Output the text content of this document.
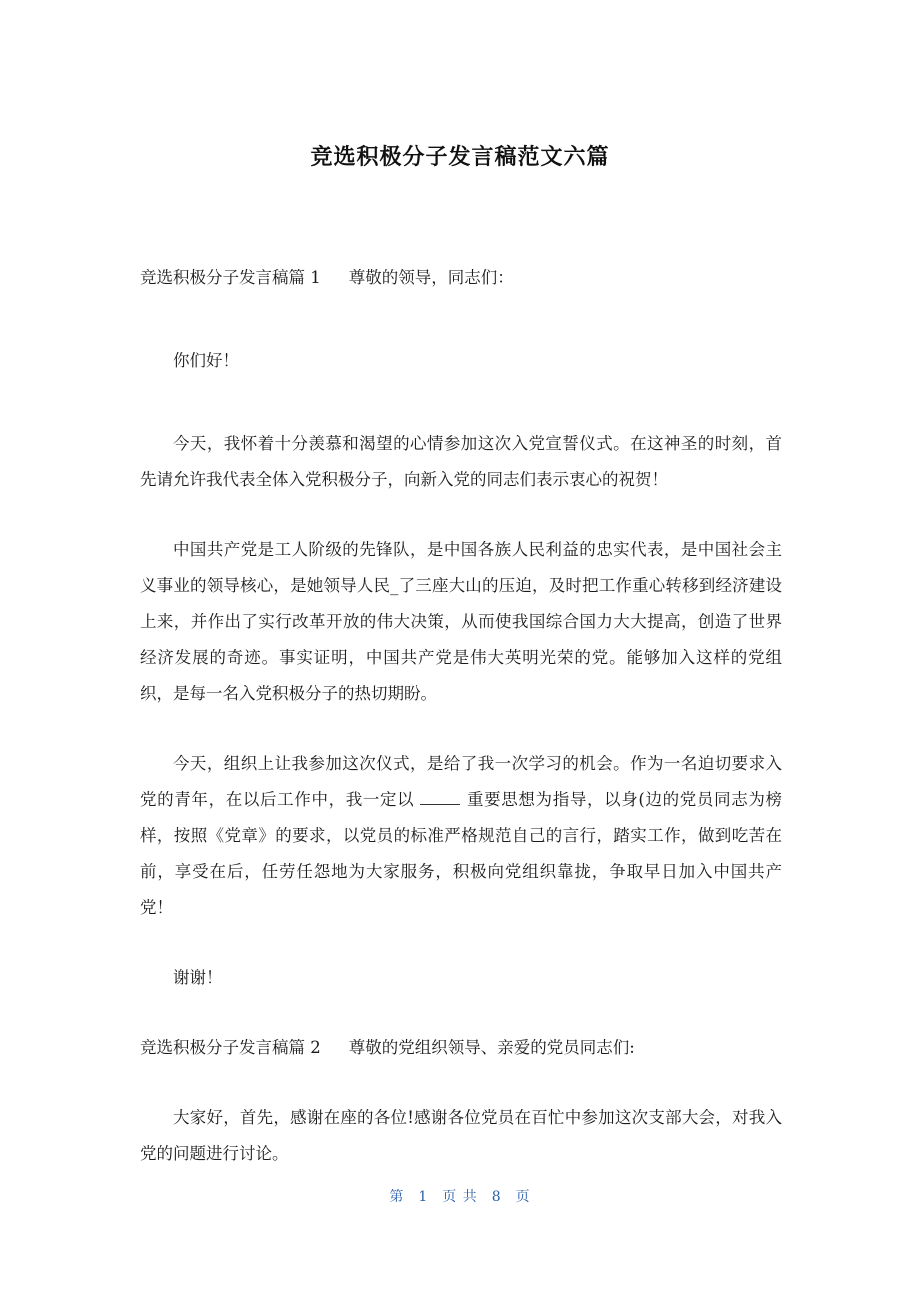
竞选积极分子发言稿范文六篇

竞选积极分子发言稿篇 1 尊敬的领导，同志们：

你们好！

今天，我怀着十分羡慕和渴望的心情参加这次入党宣誓仪式。在这神圣的时刻，首先请允许我代表全体入党积极分子，向新入党的同志们表示衷心的祝贺！

中国共产党是工人阶级的先锋队，是中国各族人民利益的忠实代表，是中国社会主义事业的领导核心，是她领导人民_了三座大山的压迫，及时把工作重心转移到经济建设上来，并作出了实行改革开放的伟大决策，从而使我国综合国力大大提高，创造了世界经济发展的奇迹。事实证明，中国共产党是伟大英明光荣的党。能够加入这样的党组织，是每一名入党积极分子的热切期盼。

今天，组织上让我参加这次仪式，是给了我一次学习的机会。作为一名迫切要求入党的青年，在以后工作中，我一定以	重要思想为指导，以身(边的党员同志为榜样，按照《党章》的要求，以党员的标准严格规范自己的言行，踏实工作，做到吃苦在前，享受在后，任劳任怨地为大家服务，积极向党组织靠拢，争取早日加入中国共产党！

谢谢！

竞选积极分子发言稿篇 2 尊敬的党组织领导、亲爱的党员同志们:

大家好，首先，感谢在座的各位!感谢各位党员在百忙中参加这次支部大会，对我入党的问题进行讨论。

第 1 页 共 8 页
